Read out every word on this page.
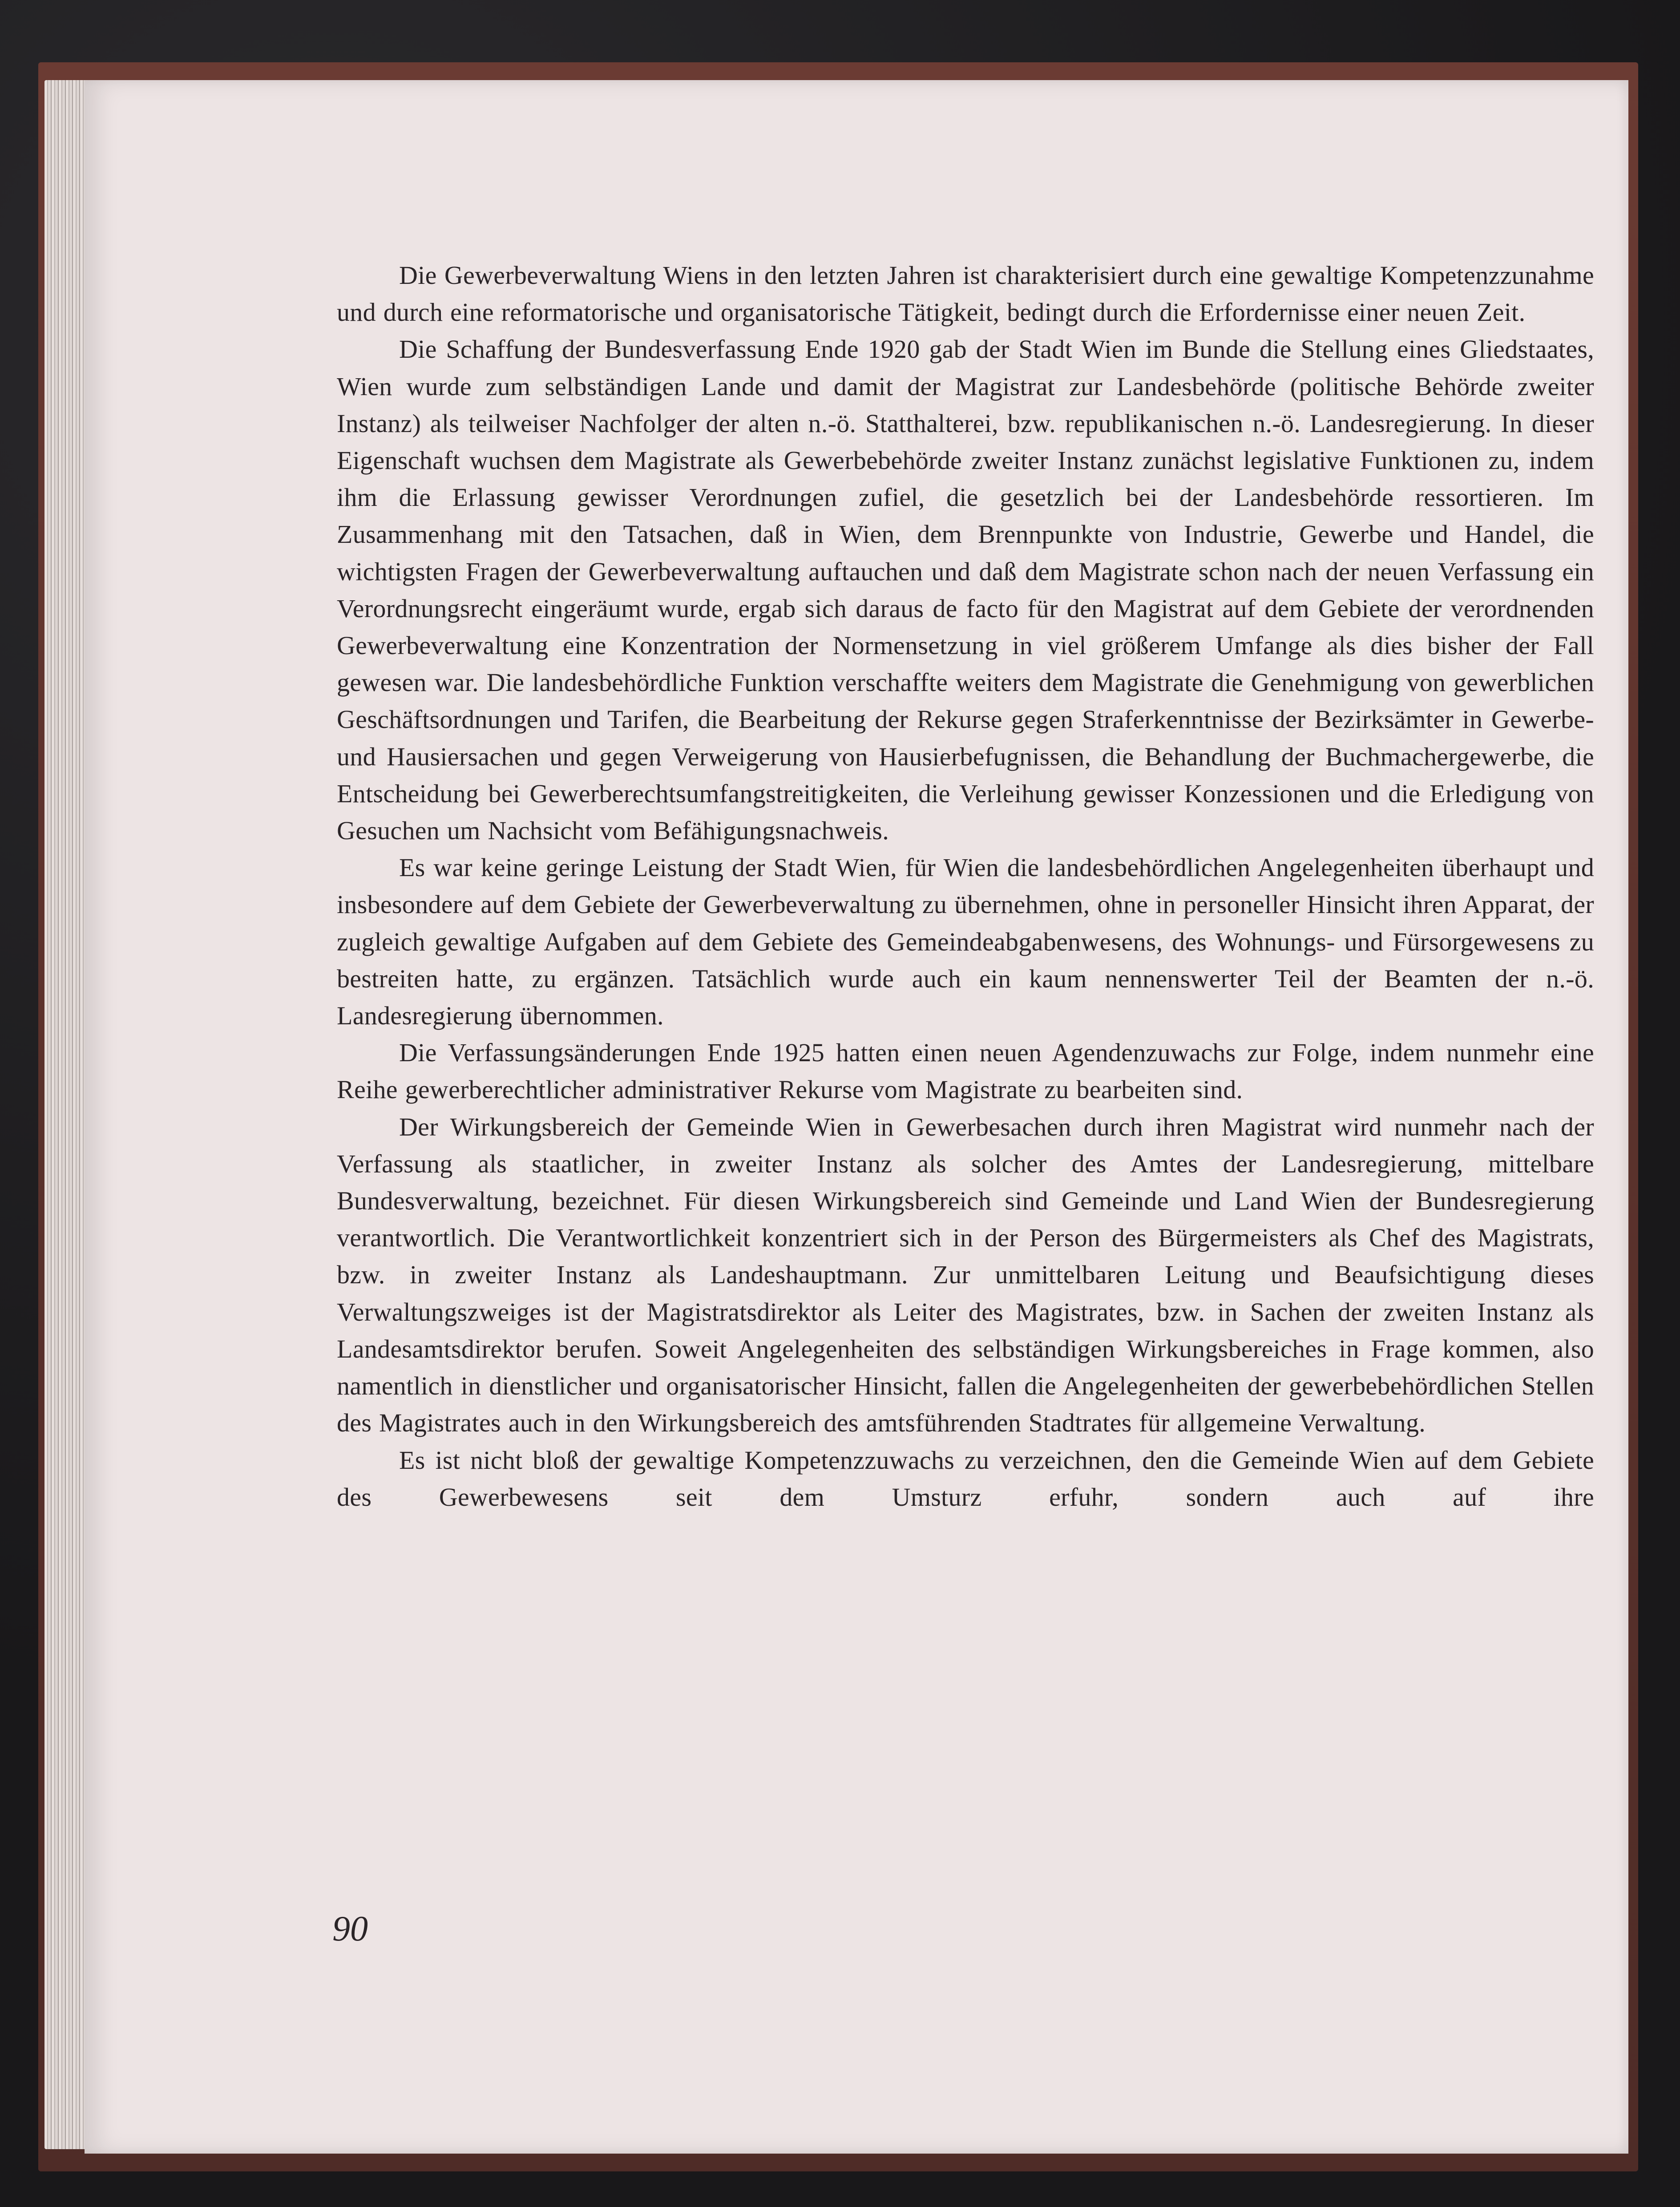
Die Gewerbeverwaltung Wiens in den letzten Jahren ist charakterisiert durch eine gewaltige Kompetenzzunahme und durch eine reformatorische und organisatorische Tätigkeit, bedingt durch die Erfordernisse einer neuen Zeit.

Die Schaffung der Bundesverfassung Ende 1920 gab der Stadt Wien im Bunde die Stellung eines Gliedstaates, Wien wurde zum selbständigen Lande und damit der Magistrat zur Landesbehörde (politische Behörde zweiter Instanz) als teilweiser Nachfolger der alten n.-ö. Statthalterei, bzw. republikanischen n.-ö. Landesregierung. In dieser Eigenschaft wuchsen dem Magistrate als Gewerbebehörde zweiter Instanz zunächst legislative Funktionen zu, indem ihm die Erlassung gewisser Verordnungen zufiel, die gesetzlich bei der Landesbehörde ressortieren. Im Zusammenhang mit den Tatsachen, daß in Wien, dem Brennpunkte von Industrie, Gewerbe und Handel, die wichtigsten Fragen der Gewerbeverwaltung auftauchen und daß dem Magistrate schon nach der neuen Verfassung ein Verordnungsrecht eingeräumt wurde, ergab sich daraus de facto für den Magistrat auf dem Gebiete der verordnenden Gewerbeverwaltung eine Konzentration der Normensetzung in viel größerem Umfange als dies bisher der Fall gewesen war. Die landesbehördliche Funktion verschaffte weiters dem Magistrate die Genehmigung von gewerblichen Geschäftsordnungen und Tarifen, die Bearbeitung der Rekurse gegen Straferkenntnisse der Bezirksämter in Gewerbe- und Hausiersachen und gegen Verweigerung von Hausierbefugnissen, die Behandlung der Buchmachergewerbe, die Entscheidung bei Gewerberechtsumfangstreitigkeiten, die Verleihung gewisser Konzessionen und die Erledigung von Gesuchen um Nachsicht vom Befähigungsnachweis.

Es war keine geringe Leistung der Stadt Wien, für Wien die landesbehördlichen Angelegenheiten überhaupt und insbesondere auf dem Gebiete der Gewerbeverwaltung zu übernehmen, ohne in personeller Hinsicht ihren Apparat, der zugleich gewaltige Aufgaben auf dem Gebiete des Gemeindeabgabenwesens, des Wohnungs- und Fürsorgewesens zu bestreiten hatte, zu ergänzen. Tatsächlich wurde auch ein kaum nennenswerter Teil der Beamten der n.-ö. Landesregierung übernommen.

Die Verfassungsänderungen Ende 1925 hatten einen neuen Agendenzuwachs zur Folge, indem nunmehr eine Reihe gewerberechtlicher administrativer Rekurse vom Magistrate zu bearbeiten sind.

Der Wirkungsbereich der Gemeinde Wien in Gewerbesachen durch ihren Magistrat wird nunmehr nach der Verfassung als staatlicher, in zweiter Instanz als solcher des Amtes der Landesregierung, mittelbare Bundesverwaltung, bezeichnet. Für diesen Wirkungsbereich sind Gemeinde und Land Wien der Bundesregierung verantwortlich. Die Verantwortlichkeit konzentriert sich in der Person des Bürgermeisters als Chef des Magistrats, bzw. in zweiter Instanz als Landeshauptmann. Zur unmittelbaren Leitung und Beaufsichtigung dieses Verwaltungszweiges ist der Magistratsdirektor als Leiter des Magistrates, bzw. in Sachen der zweiten Instanz als Landesamtsdirektor berufen. Soweit Angelegenheiten des selbständigen Wirkungsbereiches in Frage kommen, also namentlich in dienstlicher und organisatorischer Hinsicht, fallen die Angelegenheiten der gewerbebehördlichen Stellen des Magistrates auch in den Wirkungsbereich des amtsführenden Stadtrates für allgemeine Verwaltung.

Es ist nicht bloß der gewaltige Kompetenzzuwachs zu verzeichnen, den die Gemeinde Wien auf dem Gebiete des Gewerbewesens seit dem Umsturz erfuhr, sondern auch auf ihre

90
